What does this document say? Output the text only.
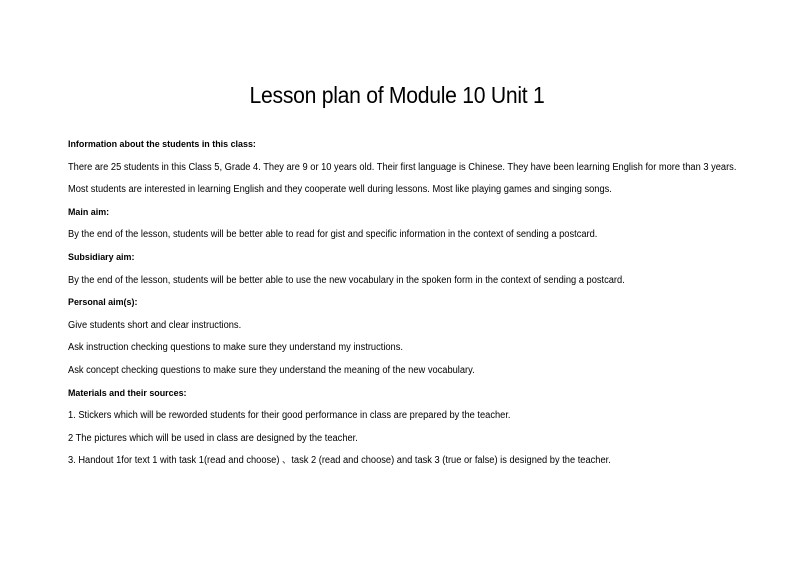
Lesson plan of Module 10 Unit 1
Information about the students in this class:
There are 25 students in this Class 5, Grade 4. They are 9 or 10 years old. Their first language is Chinese. They have been learning English for more than 3 years.
Most students are interested in learning English and they cooperate well during lessons. Most like playing games and singing songs.
Main aim:
By the end of the lesson, students will be better able to read for gist and specific information in the context of sending a postcard.
Subsidiary aim:
By the end of the lesson, students will be better able to use the new vocabulary in the spoken form in the context of sending a postcard.
Personal aim(s):
Give students short and clear instructions.
Ask instruction checking questions to make sure they understand my instructions.
Ask concept checking questions to make sure they understand the meaning of the new vocabulary.
Materials and their sources:
1. Stickers which will be reworded students for their good performance in class are prepared by the teacher.
2 The pictures which will be used in class are designed by the teacher.
3. Handout 1for text 1 with task 1(read and choose) 、task 2 (read and choose) and task 3 (true or false) is designed by the teacher.
